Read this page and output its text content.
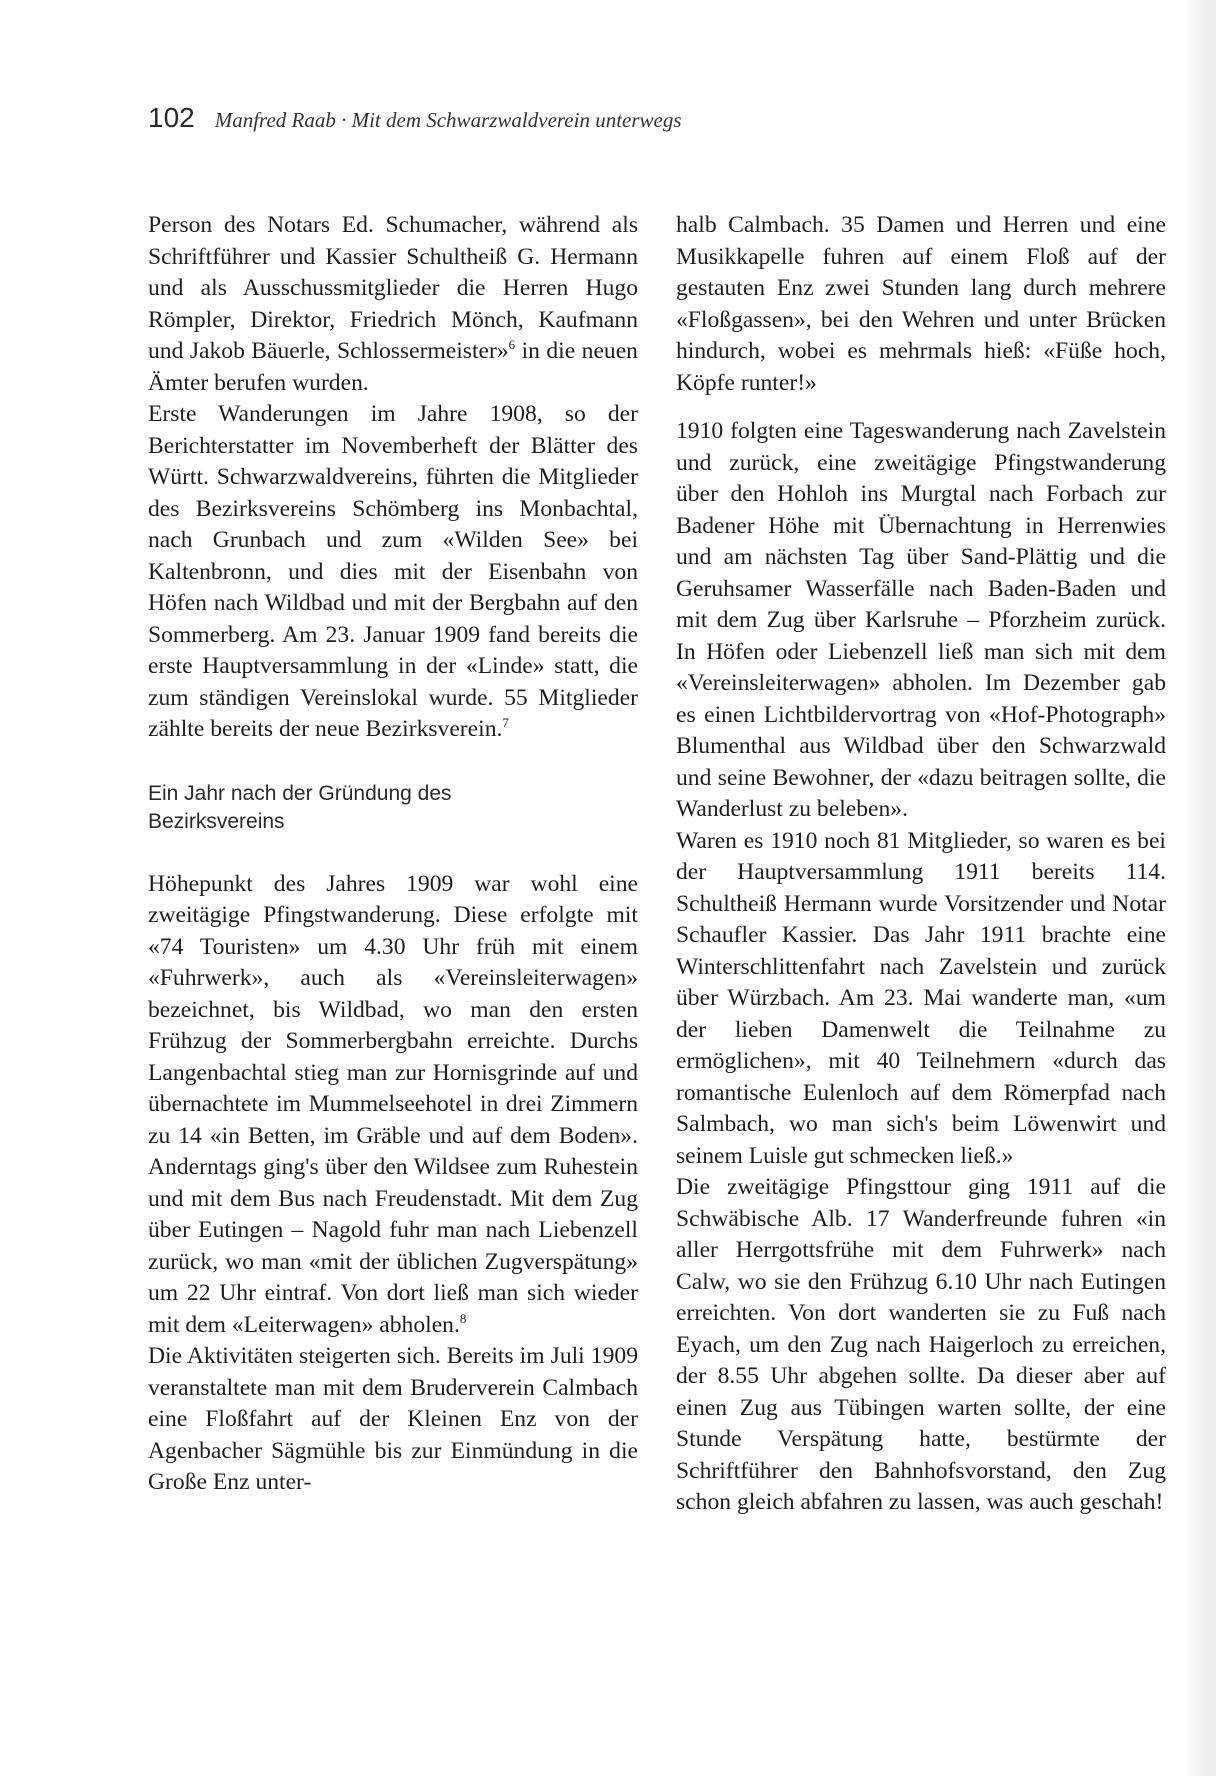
102 Manfred Raab · Mit dem Schwarzwaldverein unterwegs

Person des Notars Ed. Schumacher, während als Schriftführer und Kassier Schultheiß G. Hermann und als Ausschussmitglieder die Herren Hugo Römpler, Direktor, Friedrich Mönch, Kaufmann und Jakob Bäuerle, Schlossermeister»$^6$ in die neuen Ämter berufen wurden.

Erste Wanderungen im Jahre 1908, so der Berichterstatter im Novemberheft der Blätter des Württ. Schwarzwaldvereins, führten die Mitglieder des Bezirksvereins Schömberg ins Monbachtal, nach Grunbach und zum «Wilden See» bei Kaltenbronn, und dies mit der Eisenbahn von Höfen nach Wildbad und mit der Bergbahn auf den Sommerberg. Am 23. Januar 1909 fand bereits die erste Hauptversammlung in der «Linde» statt, die zum ständigen Vereinslokal wurde. 55 Mitglieder zählte bereits der neue Bezirksverein.$^7$

Ein Jahr nach der Gründung des Bezirksvereins

Höhepunkt des Jahres 1909 war wohl eine zweitägige Pfingstwanderung. Diese erfolgte mit «74 Touristen» um 4.30 Uhr früh mit einem «Fuhrwerk», auch als «Vereinsleiterwagen» bezeichnet, bis Wildbad, wo man den ersten Frühzug der Sommerbergbahn erreichte. Durchs Langenbachtal stieg man zur Hornisgrinde auf und übernachtete im Mummelseehotel in drei Zimmern zu 14 «in Betten, im Gräble und auf dem Boden». Anderntags ging's über den Wildsee zum Ruhestein und mit dem Bus nach Freudenstadt. Mit dem Zug über Eutingen – Nagold fuhr man nach Liebenzell zurück, wo man «mit der üblichen Zugverspätung» um 22 Uhr eintraf. Von dort ließ man sich wieder mit dem «Leiterwagen» abholen.$^8$

Die Aktivitäten steigerten sich. Bereits im Juli 1909 veranstaltete man mit dem Bruderverein Calmbach eine Floßfahrt auf der Kleinen Enz von der Agenbacher Sägmühle bis zur Einmündung in die Große Enz unter-

halb Calmbach. 35 Damen und Herren und eine Musikkapelle fuhren auf einem Floß auf der gestauten Enz zwei Stunden lang durch mehrere «Floßgassen», bei den Wehren und unter Brücken hindurch, wobei es mehrmals hieß: «Füße hoch, Köpfe runter!»

1910 folgten eine Tageswanderung nach Zavelstein und zurück, eine zweitägige Pfingstwanderung über den Hohloh ins Murgtal nach Forbach zur Badener Höhe mit Übernachtung in Herrenwies und am nächsten Tag über Sand-Plättig und die Geruhsamer Wasserfälle nach Baden-Baden und mit dem Zug über Karlsruhe – Pforzheim zurück. In Höfen oder Liebenzell ließ man sich mit dem «Vereinsleiterwagen» abholen. Im Dezember gab es einen Lichtbildervortrag von «Hof-Photograph» Blumenthal aus Wildbad über den Schwarzwald und seine Bewohner, der «dazu beitragen sollte, die Wanderlust zu beleben».

Waren es 1910 noch 81 Mitglieder, so waren es bei der Hauptversammlung 1911 bereits 114. Schultheiß Hermann wurde Vorsitzender und Notar Schaufler Kassier. Das Jahr 1911 brachte eine Winterschlittenfahrt nach Zavelstein und zurück über Würzbach. Am 23. Mai wanderte man, «um der lieben Damenwelt die Teilnahme zu ermöglichen», mit 40 Teilnehmern «durch das romantische Eulenloch auf dem Römerpfad nach Salmbach, wo man sich's beim Löwenwirt und seinem Luisle gut schmecken ließ.»

Die zweitägige Pfingsttour ging 1911 auf die Schwäbische Alb. 17 Wanderfreunde fuhren «in aller Herrgottsfrühe mit dem Fuhrwerk» nach Calw, wo sie den Frühzug 6.10 Uhr nach Eutingen erreichten. Von dort wanderten sie zu Fuß nach Eyach, um den Zug nach Haigerloch zu erreichen, der 8.55 Uhr abgehen sollte. Da dieser aber auf einen Zug aus Tübingen warten sollte, der eine Stunde Verspätung hatte, bestürmte der Schriftführer den Bahnhofsvorstand, den Zug schon gleich abfahren zu lassen, was auch geschah!
